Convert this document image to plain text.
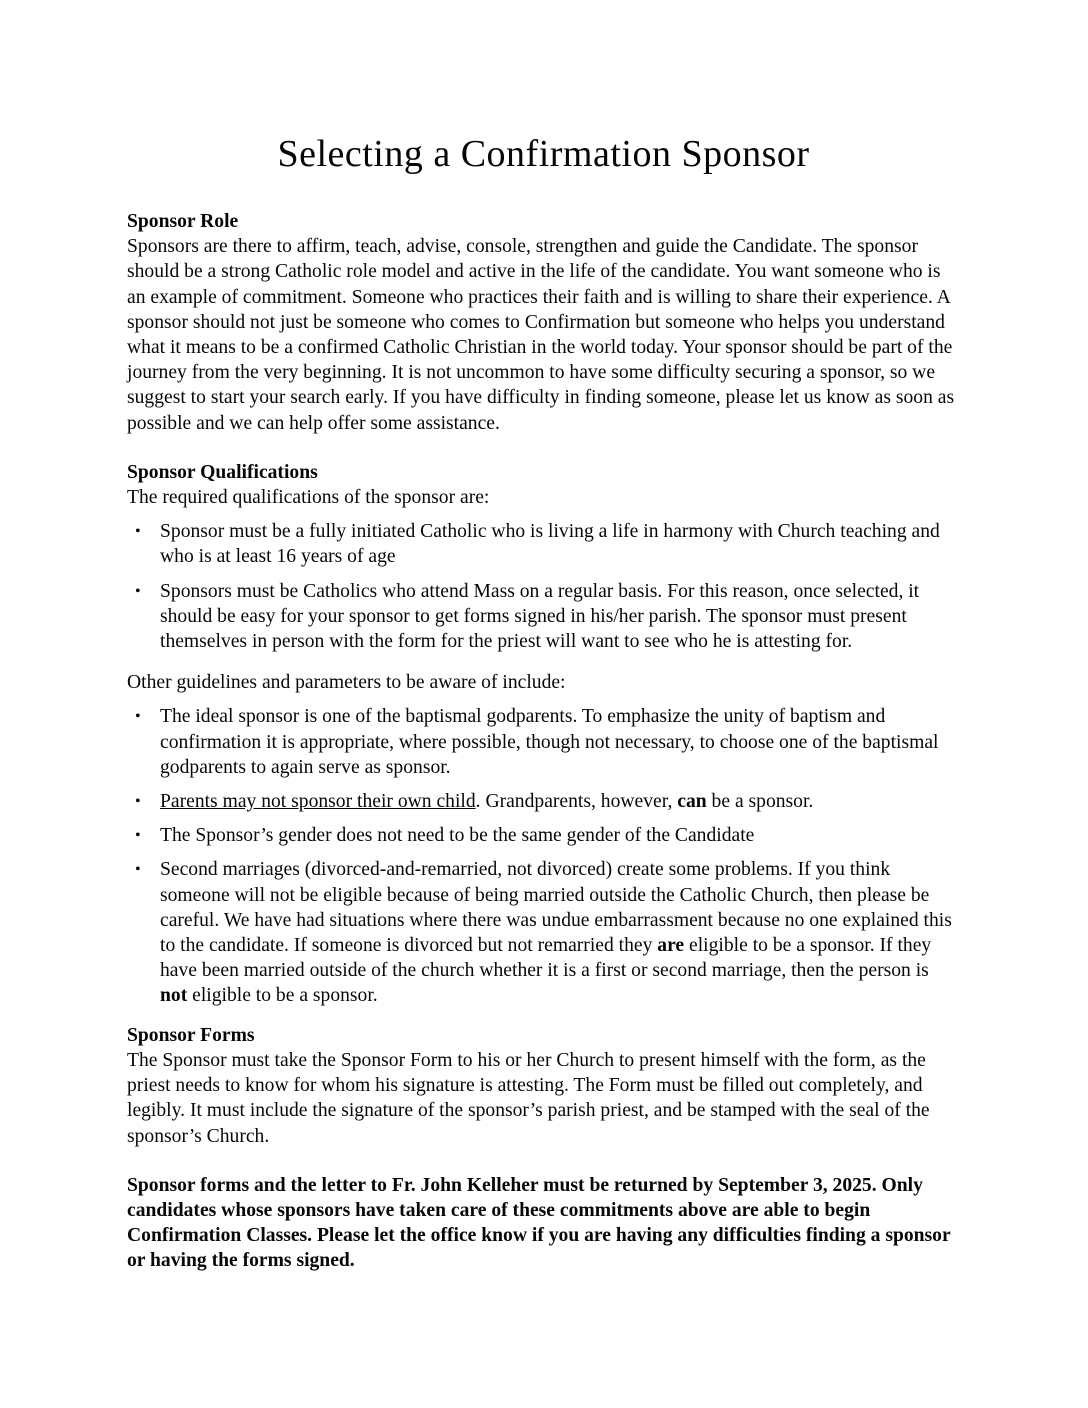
Selecting a Confirmation Sponsor
Sponsor Role

Sponsors are there to affirm, teach, advise, console, strengthen and guide the Candidate. The sponsor should be a strong Catholic role model and active in the life of the candidate. You want someone who is an example of commitment. Someone who practices their faith and is willing to share their experience. A sponsor should not just be someone who comes to Confirmation but someone who helps you understand what it means to be a confirmed Catholic Christian in the world today. Your sponsor should be part of the journey from the very beginning. It is not uncommon to have some difficulty securing a sponsor, so we suggest to start your search early. If you have difficulty in finding someone, please let us know as soon as possible and we can help offer some assistance.

Sponsor Qualifications

The required qualifications of the sponsor are:

• Sponsor must be a fully initiated Catholic who is living a life in harmony with Church teaching and who is at least 16 years of age
• Sponsors must be Catholics who attend Mass on a regular basis. For this reason, once selected, it should be easy for your sponsor to get forms signed in his/her parish. The sponsor must present themselves in person with the form for the priest will want to see who he is attesting for.

Other guidelines and parameters to be aware of include:

• The ideal sponsor is one of the baptismal godparents. To emphasize the unity of baptism and confirmation it is appropriate, where possible, though not necessary, to choose one of the baptismal godparents to again serve as sponsor.
• Parents may not sponsor their own child. Grandparents, however, can be a sponsor.
• The Sponsor’s gender does not need to be the same gender of the Candidate
• Second marriages (divorced-and-remarried, not divorced) create some problems. If you think someone will not be eligible because of being married outside the Catholic Church, then please be careful. We have had situations where there was undue embarrassment because no one explained this to the candidate. If someone is divorced but not remarried they are eligible to be a sponsor. If they have been married outside of the church whether it is a first or second marriage, then the person is not eligible to be a sponsor.
Sponsor Forms

The Sponsor must take the Sponsor Form to his or her Church to present himself with the form, as the priest needs to know for whom his signature is attesting. The Form must be filled out completely, and legibly. It must include the signature of the sponsor’s parish priest, and be stamped with the seal of the sponsor’s Church.

Sponsor forms and the letter to Fr. John Kelleher must be returned by September 3, 2025. Only candidates whose sponsors have taken care of these commitments above are able to begin Confirmation Classes. Please let the office know if you are having any difficulties finding a sponsor or having the forms signed.
